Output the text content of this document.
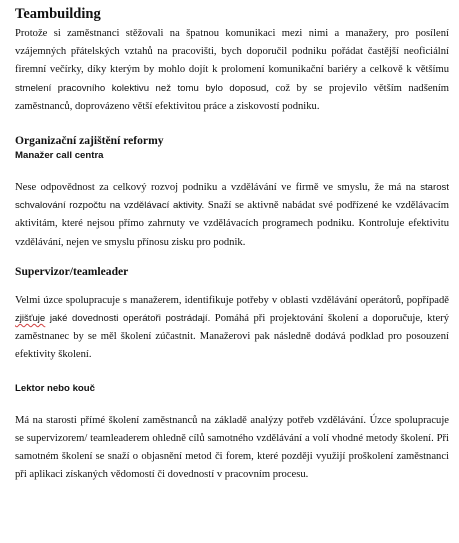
Teambuilding

Protože si zaměstnanci stěžovali na špatnou komunikaci mezi nimi a manažery, pro posílení vzájemných přátelských vztahů na pracovišti, bych doporučil podniku pořádat častější neoficiální firemní večírky, díky kterým by mohlo dojít k prolomení komunikační bariéry a celkově k většímu stmelení pracovního kolektivu než tomu bylo doposud, což by se projevilo větším nadšením zaměstnanců, doprovázeno větší efektivitou práce a ziskovostí podniku.

Organizační zajištění reformy
Manažer call centra

Nese odpovědnost za celkový rozvoj podniku a vzdělávání ve firmě ve smyslu, že má na starost schvalování rozpočtu na vzdělávací aktivity. Snaží se aktivně nabádat své podřízené ke vzdělávacím aktivitám, které nejsou přímo zahrnuty ve vzdělávacích programech podniku. Kontroluje efektivitu vzdělávání, nejen ve smyslu přínosu zisku pro podnik.

Supervizor/teamleader

Velmi úzce spolupracuje s manažerem, identifikuje potřeby v oblasti vzdělávání operátorů, popřípadě zjišťuje jaké dovednosti operátoři postrádají. Pomáhá při projektování školení a doporučuje, který zaměstnanec by se měl školení zúčastnit. Manažerovi pak následně dodává podklad pro posouzení efektivity školení.

Lektor nebo kouč

Má na starosti přímé školení zaměstnanců na základě analýzy potřeb vzdělávání. Úzce spolupracuje se supervizorem/ teamleaderem ohledně cílů samotného vzdělávání a volí vhodné metody školení. Při samotném školení se snaží o objasnění metod či forem, které později využijí proškolení zaměstnanci při aplikaci získaných vědomostí či dovedností v pracovním procesu.
